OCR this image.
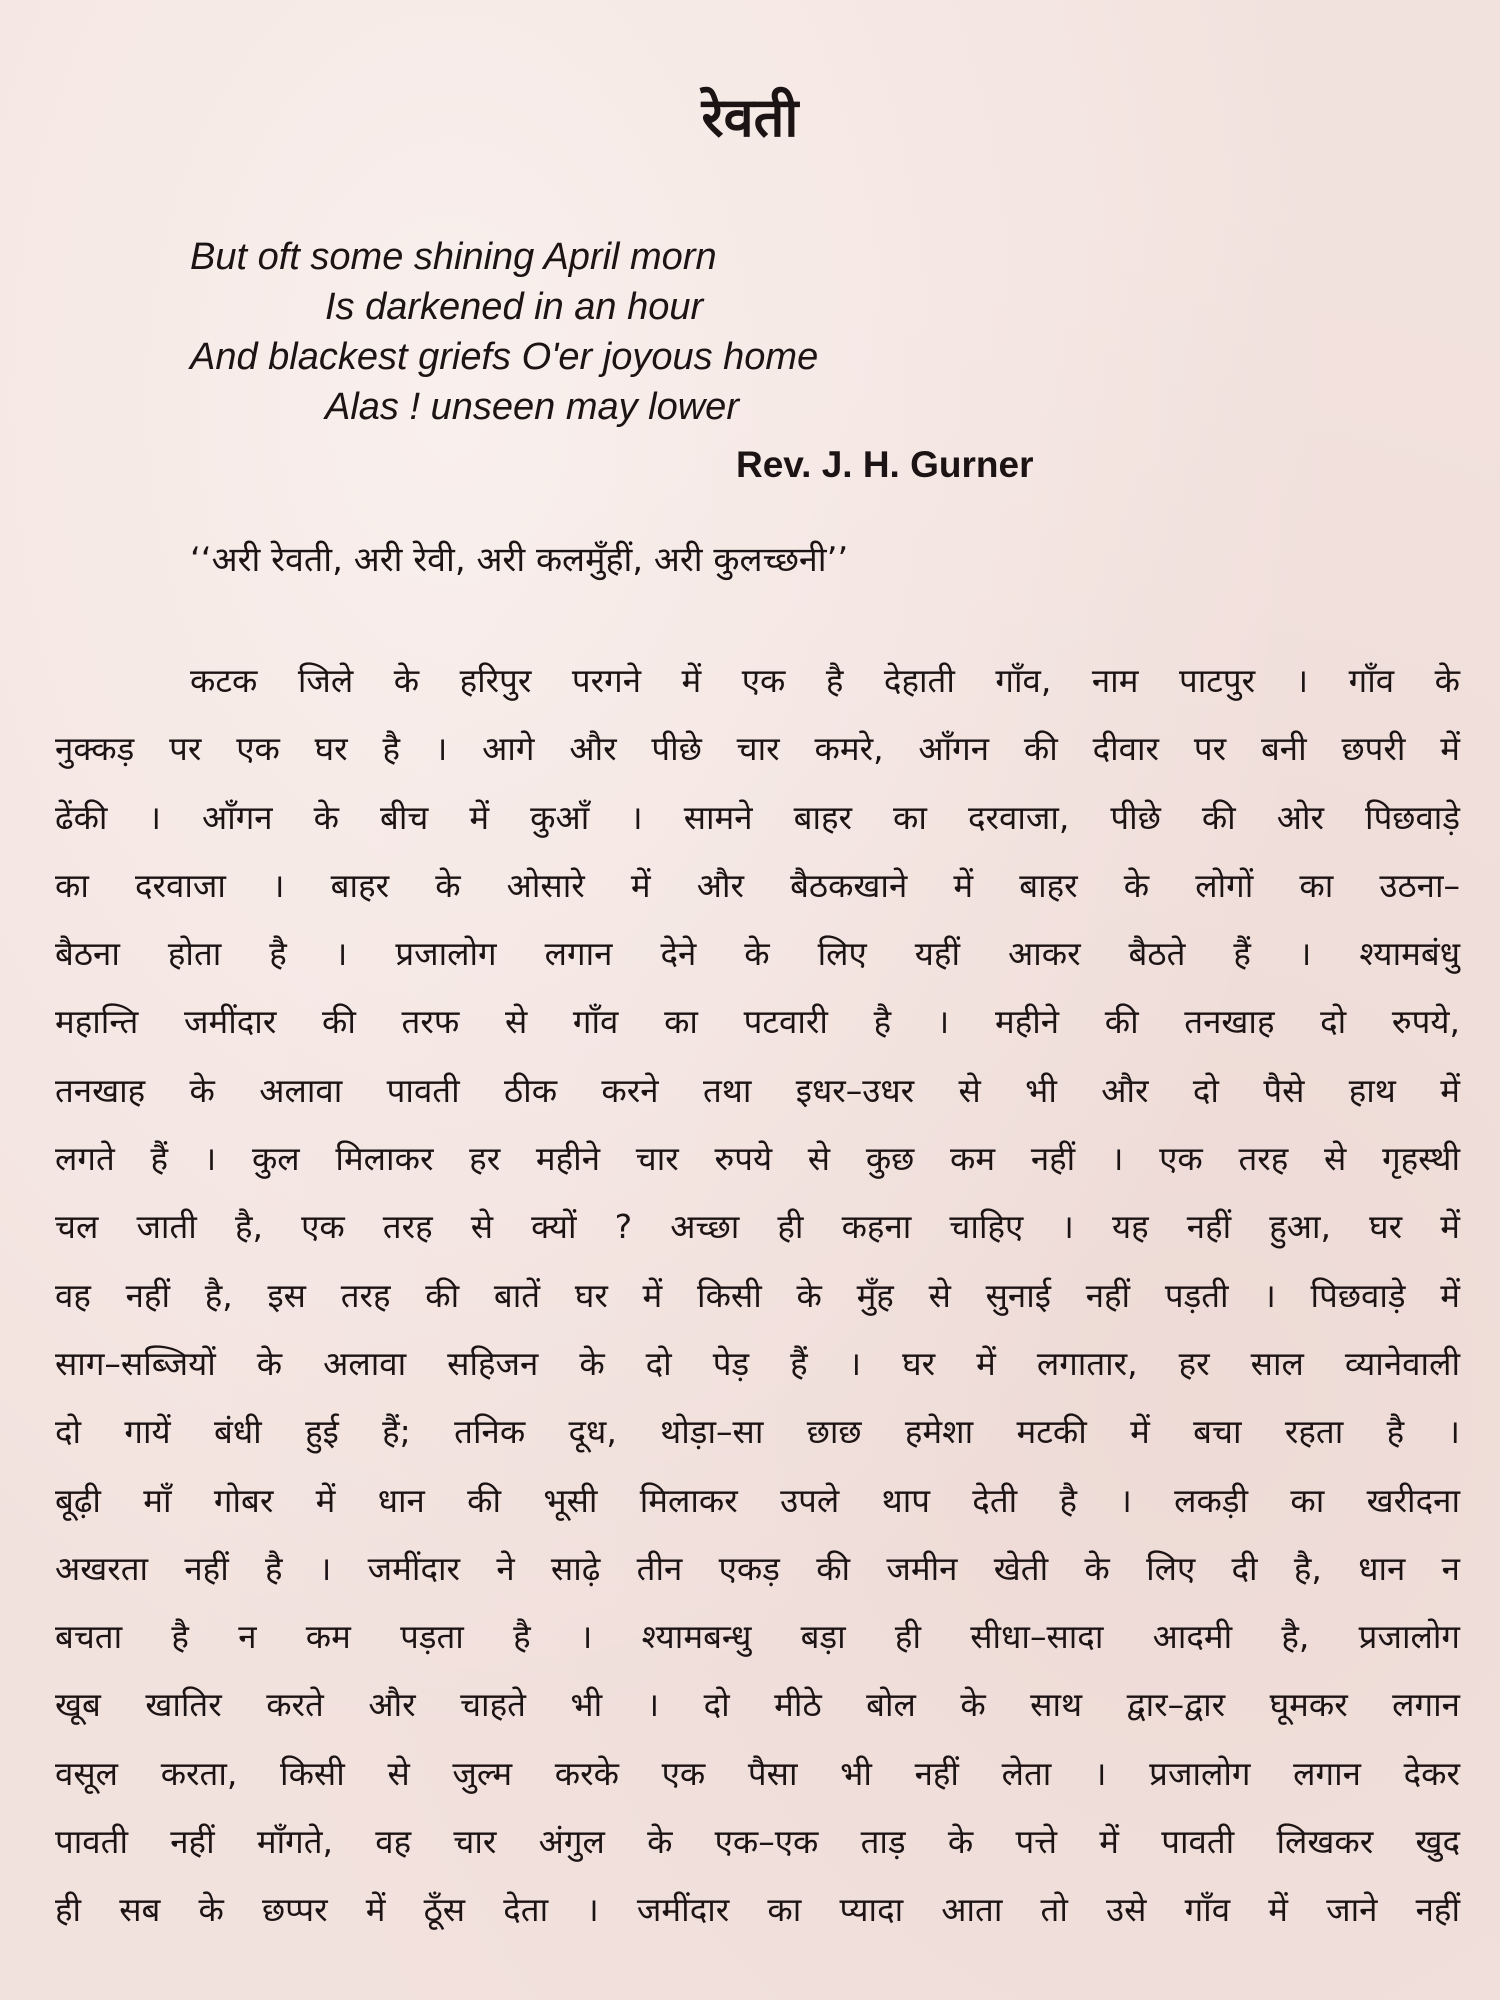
रेवती
But oft some shining April morn
Is darkened in an hour
And blackest griefs O'er joyous home
Alas ! unseen may lower
Rev. J. H. Gurner
‘‘अरी रेवती, अरी रेवी, अरी कलमुँहीं, अरी कुलच्छनी’’
कटक जिले के हरिपुर परगने में एक है देहाती गाँव, नाम पाटपुर । गाँव के
नुक्कड़ पर एक घर है । आगे और पीछे चार कमरे, आँगन की दीवार पर बनी छपरी में
ढेंकी । आँगन के बीच में कुआँ । सामने बाहर का दरवाजा, पीछे की ओर पिछवाड़े
का दरवाजा । बाहर के ओसारे में और बैठकखाने में बाहर के लोगों का उठना–
बैठना होता है । प्रजालोग लगान देने के लिए यहीं आकर बैठते हैं । श्यामबंधु
महान्ति जमींदार की तरफ से गाँव का पटवारी है । महीने की तनखाह दो रुपये,
तनखाह के अलावा पावती ठीक करने तथा इधर–उधर से भी और दो पैसे हाथ में
लगते हैं । कुल मिलाकर हर महीने चार रुपये से कुछ कम नहीं । एक तरह से गृहस्थी
चल जाती है, एक तरह से क्यों ? अच्छा ही कहना चाहिए । यह नहीं हुआ, घर में
वह नहीं है, इस तरह की बातें घर में किसी के मुँह से सुनाई नहीं पड़ती । पिछवाड़े में
साग–सब्जियों के अलावा सहिजन के दो पेड़ हैं । घर में लगातार, हर साल व्यानेवाली
दो गायें बंधी हुई हैं; तनिक दूध, थोड़ा–सा छाछ हमेशा मटकी में बचा रहता है ।
बूढ़ी माँ गोबर में धान की भूसी मिलाकर उपले थाप देती है । लकड़ी का खरीदना
अखरता नहीं है । जमींदार ने साढ़े तीन एकड़ की जमीन खेती के लिए दी है, धान न
बचता है न कम पड़ता है । श्यामबन्धु बड़ा ही सीधा–सादा आदमी है, प्रजालोग
खूब खातिर करते और चाहते भी । दो मीठे बोल के साथ द्वार–द्वार घूमकर लगान
वसूल करता, किसी से जुल्म करके एक पैसा भी नहीं लेता । प्रजालोग लगान देकर
पावती नहीं माँगते, वह चार अंगुल के एक–एक ताड़ के पत्ते में पावती लिखकर खुद
ही सब के छप्पर में ठूँस देता । जमींदार का प्यादा आता तो उसे गाँव में जाने नहीं
